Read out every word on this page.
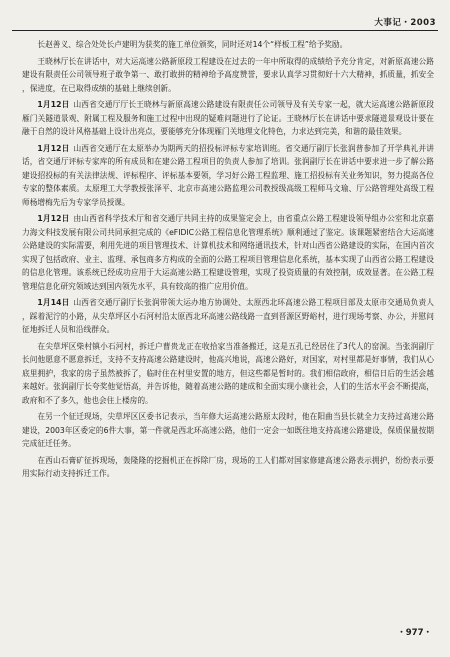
大事记・2003

长赵善义、综合处处长卢建明为获奖的施工单位颁奖，同时还对14个“样板工程”给予奖励。

王晓林厅长在讲话中，对大运高速公路新原段工程建设在过去的一年中所取得的成绩给予充分肯定，对新原高速公路建设有限责任公司领导班子敢争第一、敢打敢拼的精神给予高度赞誉，要求认真学习贯彻好十六大精神，抓质量，抓安全，保进度，在已取得成绩的基础上继续创新。

1月12日 山西省交通厅厅长王晓林与新原高速公路建设有限责任公司领导及有关专家一起，就大运高速公路新原段雁门关隧道景观、附属工程及服务和施工过程中出现的疑难问题进行了论证。王晓林厅长在讲话中要求隧道景观设计要在融于自然的设计风格基础上设计出亮点，要能够充分体现雁门关地理文化特色，力求达到完美，和谐的最佳效果。

1月12日 山西省交通厅在太原举办为期两天的招投标评标专家培训班。省交通厅副厅长张润普参加了开学典礼并讲话，省交通厅评标专家库的所有成员和在建公路工程项目的负责人参加了培训。张润副厅长在讲话中要求进一步了解公路建设招投标的有关法律法规、评标程序、评标基本要领，学习好公路工程监理、施工招投标有关业务知识，努力提高各位专家的整体素质。太原理工大学教授张泽平、北京市高速公路监理公司教授级高级工程师马文瑜、厅公路管理处高级工程师杨增梅先后为专家学员授课。

1月12日 由山西省科学技术厅和省交通厅共同主持的成果鉴定会上，由省重点公路工程建设领导组办公室和北京嘉力海文科技发展有限公司共同承担完成的《eFIDIC公路工程信息化管理系统》顺利通过了鉴定。该课题紧密结合大运高速公路建设的实际需要，利用先进的项目管理技术、计算机技术和网络通讯技术，针对山西省公路建设的实际，在国内首次实现了包括政府、业主、监理、承包商多方构成的全面的公路工程项目管理信息化系统，基本实现了山西省公路工程建设的信息化管理。该系统已经成功应用于大运高速公路工程建设管理，实现了投资质量的有效控制，成效显著。在公路工程管理信息化研究领域达到国内领先水平，具有较高的推广应用价值。

1月14日 山西省交通厅副厅长张润带领大运办地方协调处、太原西北环高速公路工程项目部及太原市交通局负责人，踩着泥泞的小路，从尖草坪区小石河村沿太原西北环高速公路线路一直到晋源区野峪村，进行现场考察、办公，并慰问征地拆迁人员和沿线群众。

在尖草坪区柴村镇小石河村，拆迁户曹贵龙正在收拾家当准备搬迁，这是五孔已经居住了3代人的窑洞。当张润副厅长问他愿意不愿意拆迁，支持不支持高速公路建设时，他高兴地说，高速公路好，对国家，对村里都是好事情，我们从心底里拥护，我家的房子虽然被拆了，临时住在村里安置的地方，但这些都是暂时的。我们相信政府，相信日后的生活会越来越好。张润副厅长夸奖他觉悟高，并告诉他，随着高速公路的建成和全面实现小康社会，人们的生活水平会不断提高，政府和不了多久，他也会住上楼房的。

在另一个征迁现场，尖草坪区区委书记表示，当年修大运高速公路原太段时，他在阳曲当县长就全力支持过高速公路建设，2003年区委定的6件大事，第一件就是西北环高速公路，他们一定会一如既往地支持高速公路建设，保质保量按期完成征迁任务。

在西山石膏矿征拆现场，轰隆隆的挖掘机正在拆除厂房，现场的工人们都对国家修建高速公路表示拥护，纷纷表示要用实际行动支持拆迁工作。

・977・
